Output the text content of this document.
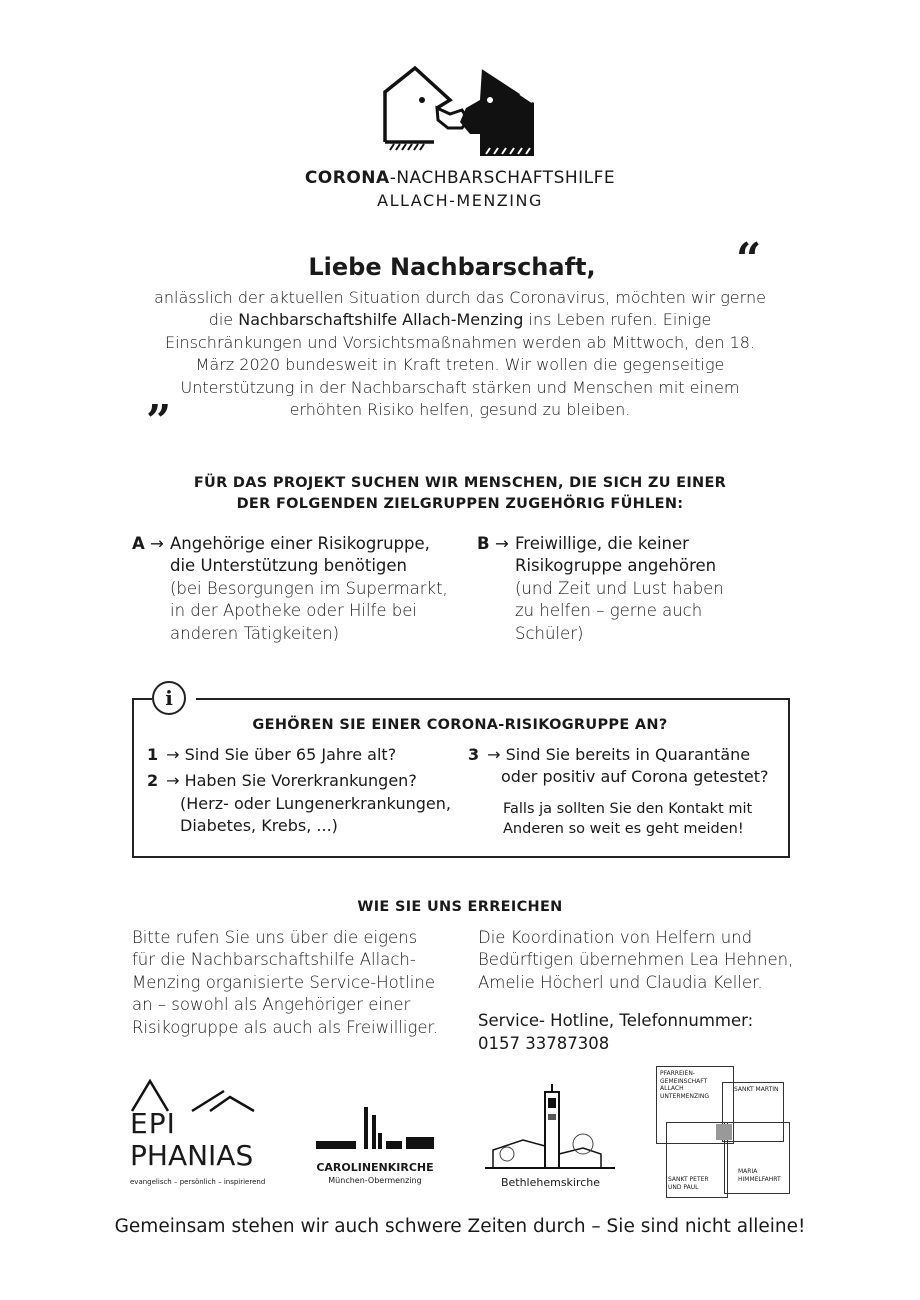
CORONA-NACHBARSCHAFTSHILFE
ALLACH-MENZING
“
Liebe Nachbarschaft,
anlässlich der aktuellen Situation durch das Coronavirus, möchten wir gerne die Nachbarschaftshilfe Allach-Menzing ins Leben rufen. Einige Einschränkungen und Vorsichtsmaßnahmen werden ab Mittwoch, den 18. März 2020 bundesweit in Kraft treten. Wir wollen die gegenseitige Unterstützung in der Nachbarschaft stärken und Menschen mit einem erhöhten Risiko helfen, gesund zu bleiben.
”
FÜR DAS PROJEKT SUCHEN WIR MENSCHEN, DIE SICH ZU EINER
DER FOLGENDEN ZIELGRUPPEN ZUGEHÖRIG FÜHLEN:
A → Angehörige einer Risikogruppe,
die Unterstützung benötigen
(bei Besorgungen im Supermarkt,
in der Apotheke oder Hilfe bei
anderen Tätigkeiten)
B → Freiwillige, die keiner
Risikogruppe angehören
(und Zeit und Lust haben
zu helfen – gerne auch
Schüler)
i
GEHÖREN SIE EINER CORONA-RISIKOGRUPPE AN?
1 → Sind Sie über 65 Jahre alt?
2 → Haben Sie Vorerkrankungen?
(Herz- oder Lungenerkrankungen,
Diabetes, Krebs, ...)
3 → Sind Sie bereits in Quarantäne
oder positiv auf Corona getestet?
Falls ja sollten Sie den Kontakt mit
Anderen so weit es geht meiden!
WIE SIE UNS ERREICHEN
Bitte rufen Sie uns über die eigens
für die Nachbarschaftshilfe Allach-
Menzing organisierte Service-Hotline
an – sowohl als Angehöriger einer
Risikogruppe als auch als Freiwilliger.
Die Koordination von Helfern und
Bedürftigen übernehmen Lea Hehnen,
Amelie Höcherl und Claudia Keller.
Service- Hotline, Telefonnummer:
0157 33787308
EPI
PHANIAS
evangelisch – persönlich – inspirierend
CAROLINENKIRCHE
München-Obermenzing	Bethlehemskirche
PFARREIEN-
GEMEINSCHAFT
ALLACH
UNTERMENZING
SANKT MARTIN
SANKT PETER
UND PAUL
MARIA
HIMMELFAHRT
Gemeinsam stehen wir auch schwere Zeiten durch – Sie sind nicht alleine!
